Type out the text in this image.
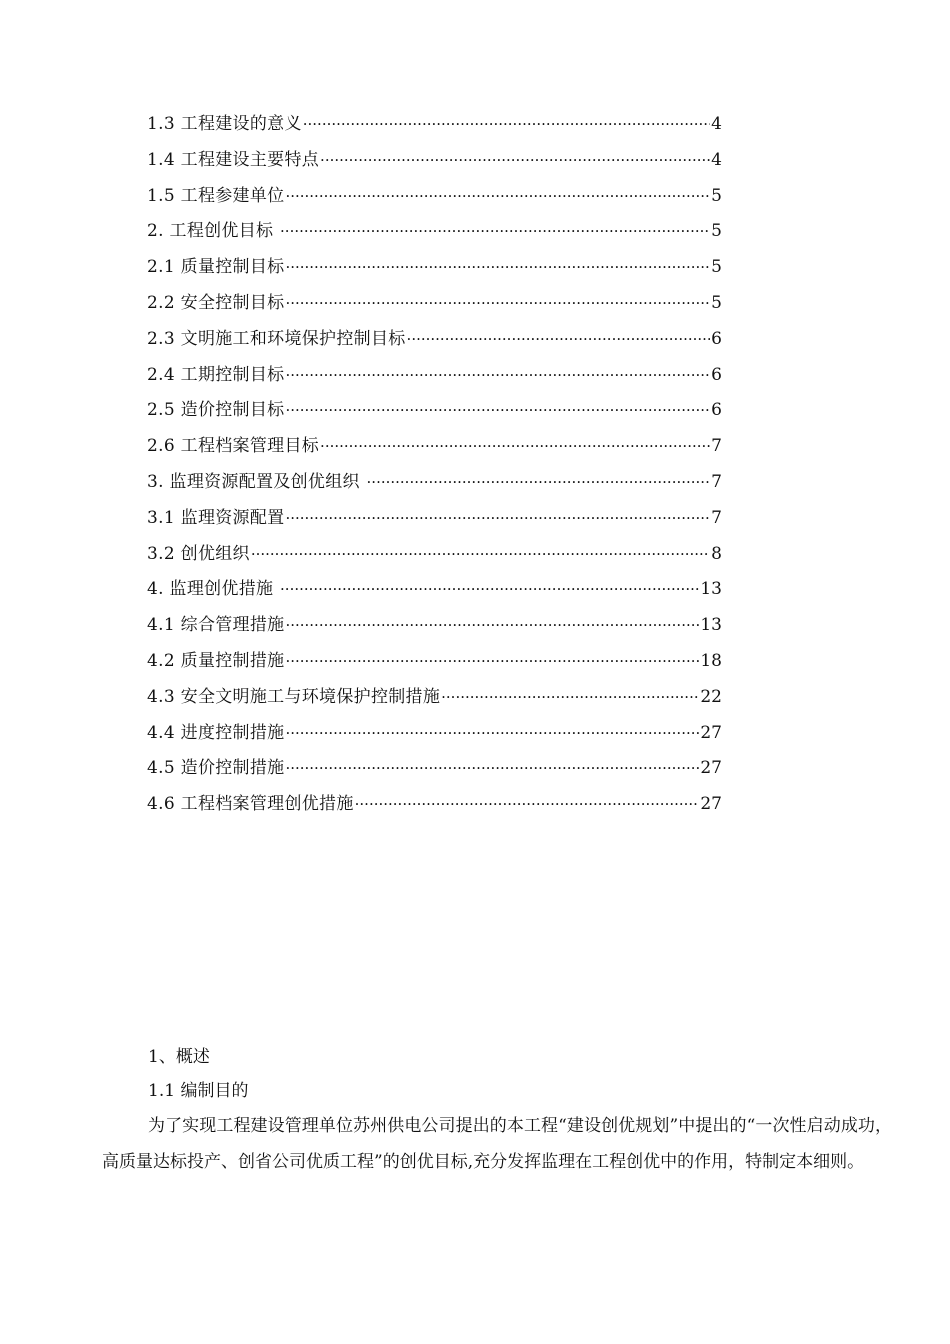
1.3 工程建设的意义 ·····	4
1.4 工程建设主要特点 ·····	4
1.5 工程参建单位 ·····	5
2. 工程创优目标 ·····	5
2.1 质量控制目标 ·····	5
2.2 安全控制目标 ·····	5
2.3 文明施工和环境保护控制目标 ·····	6
2.4 工期控制目标 ·····	6
2.5 造价控制目标 ·····	6
2.6 工程档案管理目标 ·····	7
3. 监理资源配置及创优组织 ·····	7
3.1 监理资源配置 ·····	7
3.2 创优组织 ·····	8
4. 监理创优措施 ·····	13
4.1 综合管理措施 ·····	13
4.2 质量控制措施 ·····	18
4.3 安全文明施工与环境保护控制措施 ·····	22
4.4 进度控制措施 ·····	27
4.5 造价控制措施 ·····	27
4.6 工程档案管理创优措施 ·····	27
1、概述
1.1 编制目的

为了实现工程建设管理单位苏州供电公司提出的本工程“建设创优规划”中提出的“一次性启动成功，高质量达标投产、创省公司优质工程”的创优目标,充分发挥监理在工程创优中的作用，特制定本细则。
